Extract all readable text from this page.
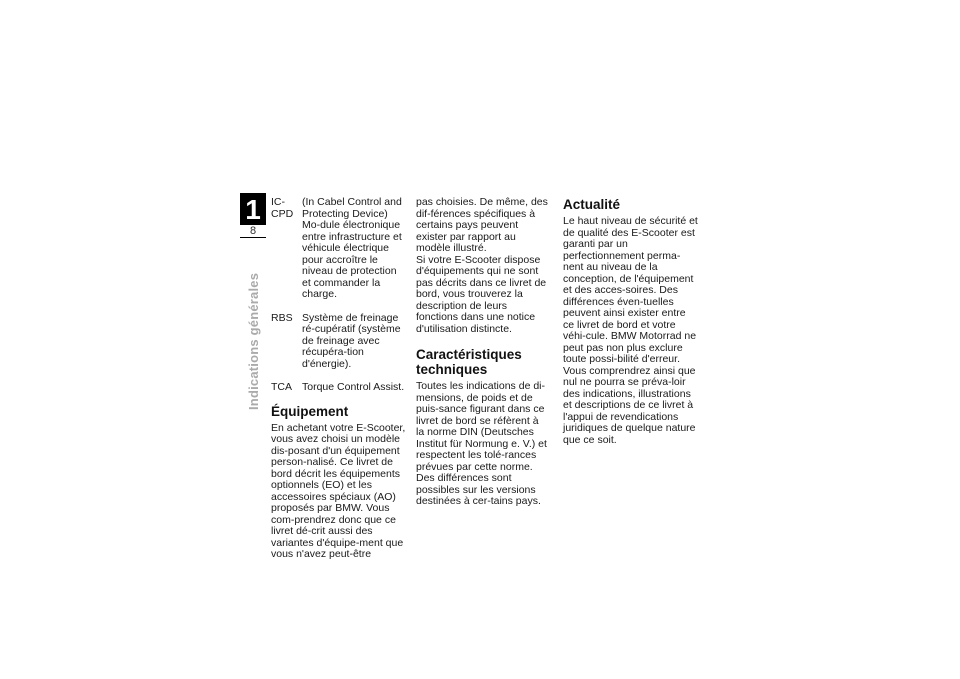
1
8
Indications générales
IC-
CPD
(In Cabel Control and Protecting Device) Mo-dule électronique entre infrastructure et véhicule électrique pour accroître le niveau de protection et commander la charge.
RBS Système de freinage ré-cupératif (système de freinage avec récupéra-tion d'énergie).
TCA Torque Control Assist.
Équipement

En achetant votre E-Scooter, vous avez choisi un modèle dis-posant d'un équipement person-nalisé. Ce livret de bord décrit les équipements optionnels (EO) et les accessoires spéciaux (AO) proposés par BMW. Vous com-prendrez donc que ce livret dé-crit aussi des variantes d'équipe-ment que vous n'avez peut-être

pas choisies. De même, des dif-férences spécifiques à certains pays peuvent exister par rapport au modèle illustré.

Si votre E-Scooter dispose d'équipements qui ne sont pas décrits dans ce livret de bord, vous trouverez la description de leurs fonctions dans une notice d'utilisation distincte.

Caractéristiques techniques

Toutes les indications de di-mensions, de poids et de puis-sance figurant dans ce livret de bord se réfèrent à la norme DIN (Deutsches Institut für Normung e. V.) et respectent les tolé-rances prévues par cette norme. Des différences sont possibles sur les versions destinées à cer-tains pays.

Actualité

Le haut niveau de sécurité et de qualité des E-Scooter est garanti par un perfectionnement perma-nent au niveau de la conception, de l'équipement et des acces-soires. Des différences éven-tuelles peuvent ainsi exister entre ce livret de bord et votre véhi-cule. BMW Motorrad ne peut pas non plus exclure toute possi-bilité d'erreur. Vous comprendrez ainsi que nul ne pourra se préva-loir des indications, illustrations et descriptions de ce livret à l'appui de revendications juridiques de quelque nature que ce soit.
